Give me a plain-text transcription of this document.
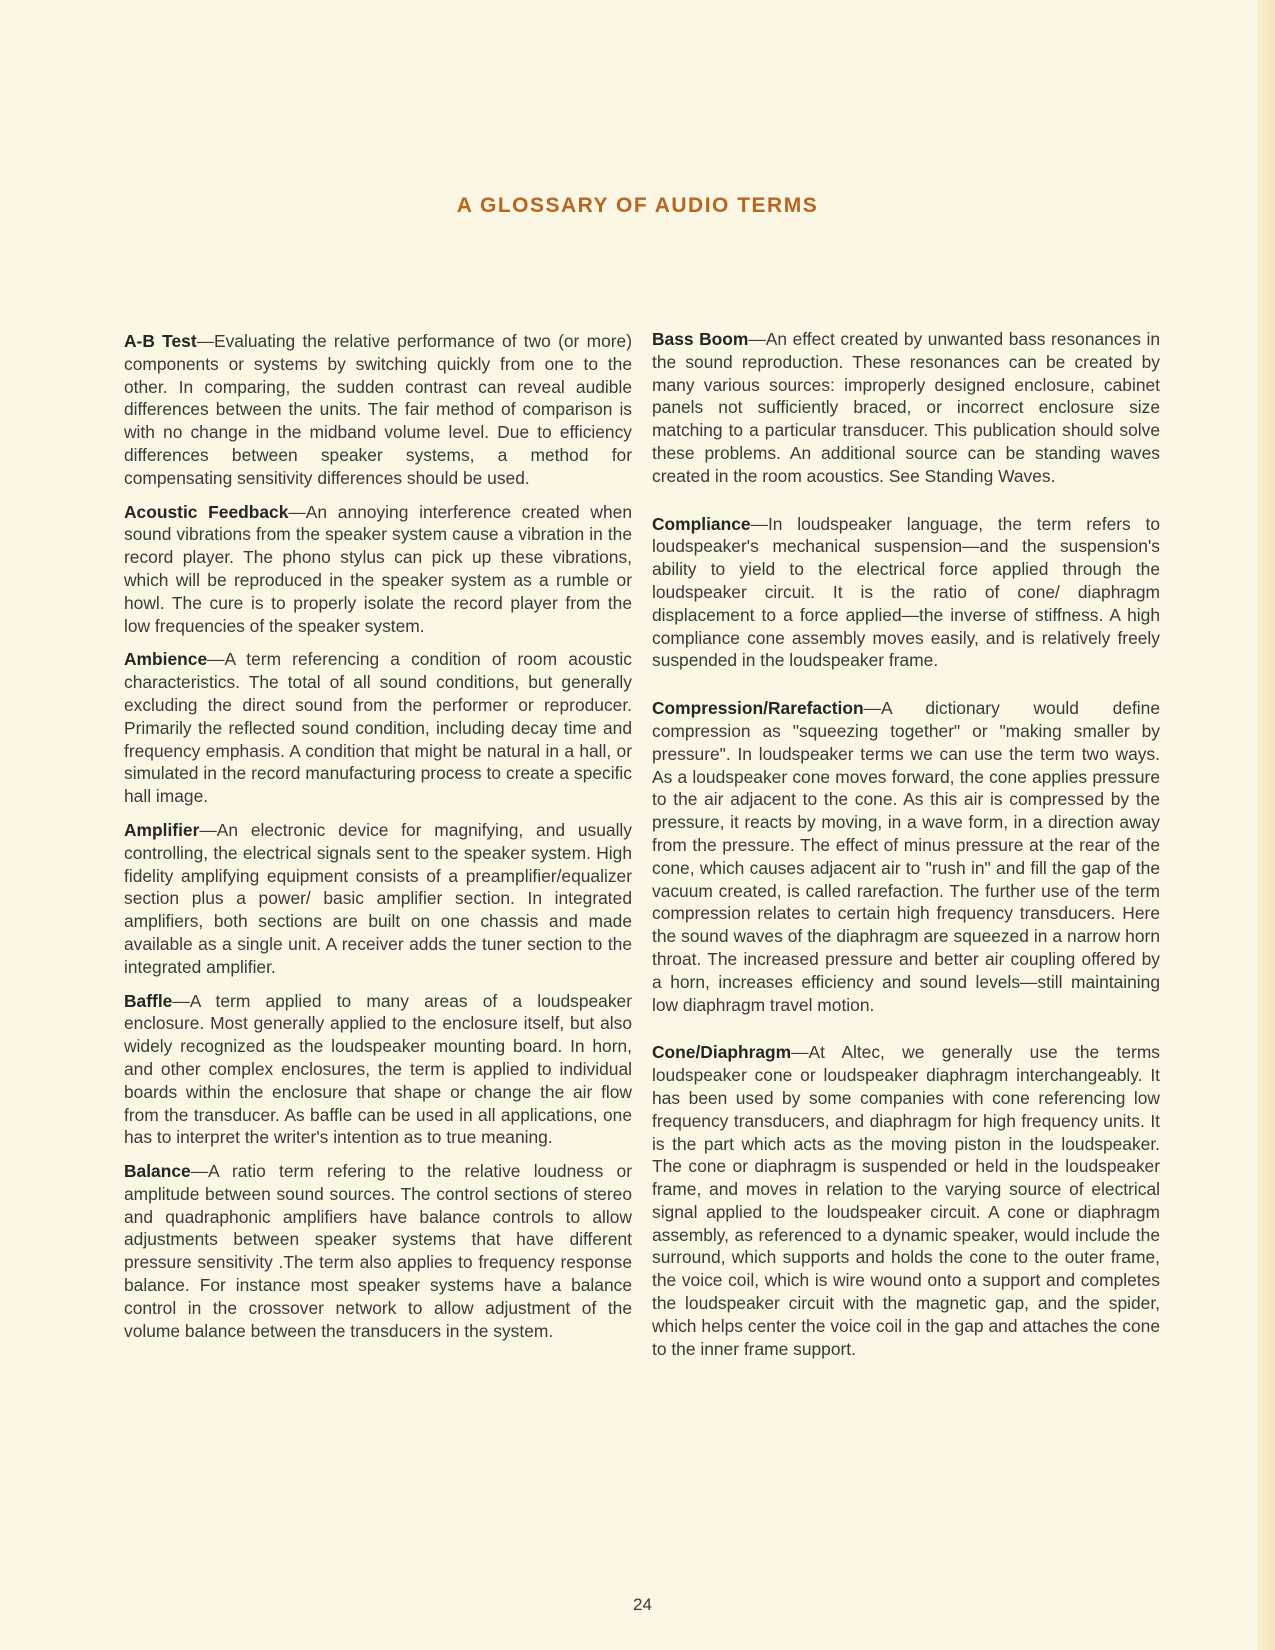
A GLOSSARY OF AUDIO TERMS

A-B Test—Evaluating the relative performance of two (or more) components or systems by switching quickly from one to the other. In comparing, the sudden contrast can reveal audible differences between the units. The fair method of comparison is with no change in the midband volume level. Due to efficiency differences between speaker systems, a method for compensating sensitivity differences should be used.

Acoustic Feedback—An annoying interference created when sound vibrations from the speaker system cause a vibration in the record player. The phono stylus can pick up these vibrations, which will be reproduced in the speaker system as a rumble or howl. The cure is to properly isolate the record player from the low frequencies of the speaker system.

Ambience—A term referencing a condition of room acoustic characteristics. The total of all sound conditions, but generally excluding the direct sound from the performer or reproducer. Primarily the reflected sound condition, including decay time and frequency emphasis. A condition that might be natural in a hall, or simulated in the record manufacturing process to create a specific hall image.

Amplifier—An electronic device for magnifying, and usually controlling, the electrical signals sent to the speaker system. High fidelity amplifying equipment consists of a preamplifier/equalizer section plus a power/ basic amplifier section. In integrated amplifiers, both sections are built on one chassis and made available as a single unit. A receiver adds the tuner section to the integrated amplifier.

Baffle—A term applied to many areas of a loudspeaker enclosure. Most generally applied to the enclosure itself, but also widely recognized as the loudspeaker mounting board. In horn, and other complex enclosures, the term is applied to individual boards within the enclosure that shape or change the air flow from the transducer. As baffle can be used in all applications, one has to interpret the writer's intention as to true meaning.

Balance—A ratio term refering to the relative loudness or amplitude between sound sources. The control sections of stereo and quadraphonic amplifiers have balance controls to allow adjustments between speaker systems that have different pressure sensitivity .The term also applies to frequency response balance. For instance most speaker systems have a balance control in the crossover network to allow adjustment of the volume balance between the transducers in the system.

Bass Boom—An effect created by unwanted bass resonances in the sound reproduction. These resonances can be created by many various sources: improperly designed enclosure, cabinet panels not sufficiently braced, or incorrect enclosure size matching to a particular transducer. This publication should solve these problems. An additional source can be standing waves created in the room acoustics. See Standing Waves.

Compliance—In loudspeaker language, the term refers to loudspeaker's mechanical suspension—and the suspension's ability to yield to the electrical force applied through the loudspeaker circuit. It is the ratio of cone/ diaphragm displacement to a force applied—the inverse of stiffness. A high compliance cone assembly moves easily, and is relatively freely suspended in the loudspeaker frame.

Compression/Rarefaction—A dictionary would define compression as "squeezing together" or "making smaller by pressure". In loudspeaker terms we can use the term two ways. As a loudspeaker cone moves forward, the cone applies pressure to the air adjacent to the cone. As this air is compressed by the pressure, it reacts by moving, in a wave form, in a direction away from the pressure. The effect of minus pressure at the rear of the cone, which causes adjacent air to "rush in" and fill the gap of the vacuum created, is called rarefaction. The further use of the term compression relates to certain high frequency transducers. Here the sound waves of the diaphragm are squeezed in a narrow horn throat. The increased pressure and better air coupling offered by a horn, increases efficiency and sound levels—still maintaining low diaphragm travel motion.

Cone/Diaphragm—At Altec, we generally use the terms loudspeaker cone or loudspeaker diaphragm interchangeably. It has been used by some companies with cone referencing low frequency transducers, and diaphragm for high frequency units. It is the part which acts as the moving piston in the loudspeaker. The cone or diaphragm is suspended or held in the loudspeaker frame, and moves in relation to the varying source of electrical signal applied to the loudspeaker circuit. A cone or diaphragm assembly, as referenced to a dynamic speaker, would include the surround, which supports and holds the cone to the outer frame, the voice coil, which is wire wound onto a support and completes the loudspeaker circuit with the magnetic gap, and the spider, which helps center the voice coil in the gap and attaches the cone to the inner frame support.

24
